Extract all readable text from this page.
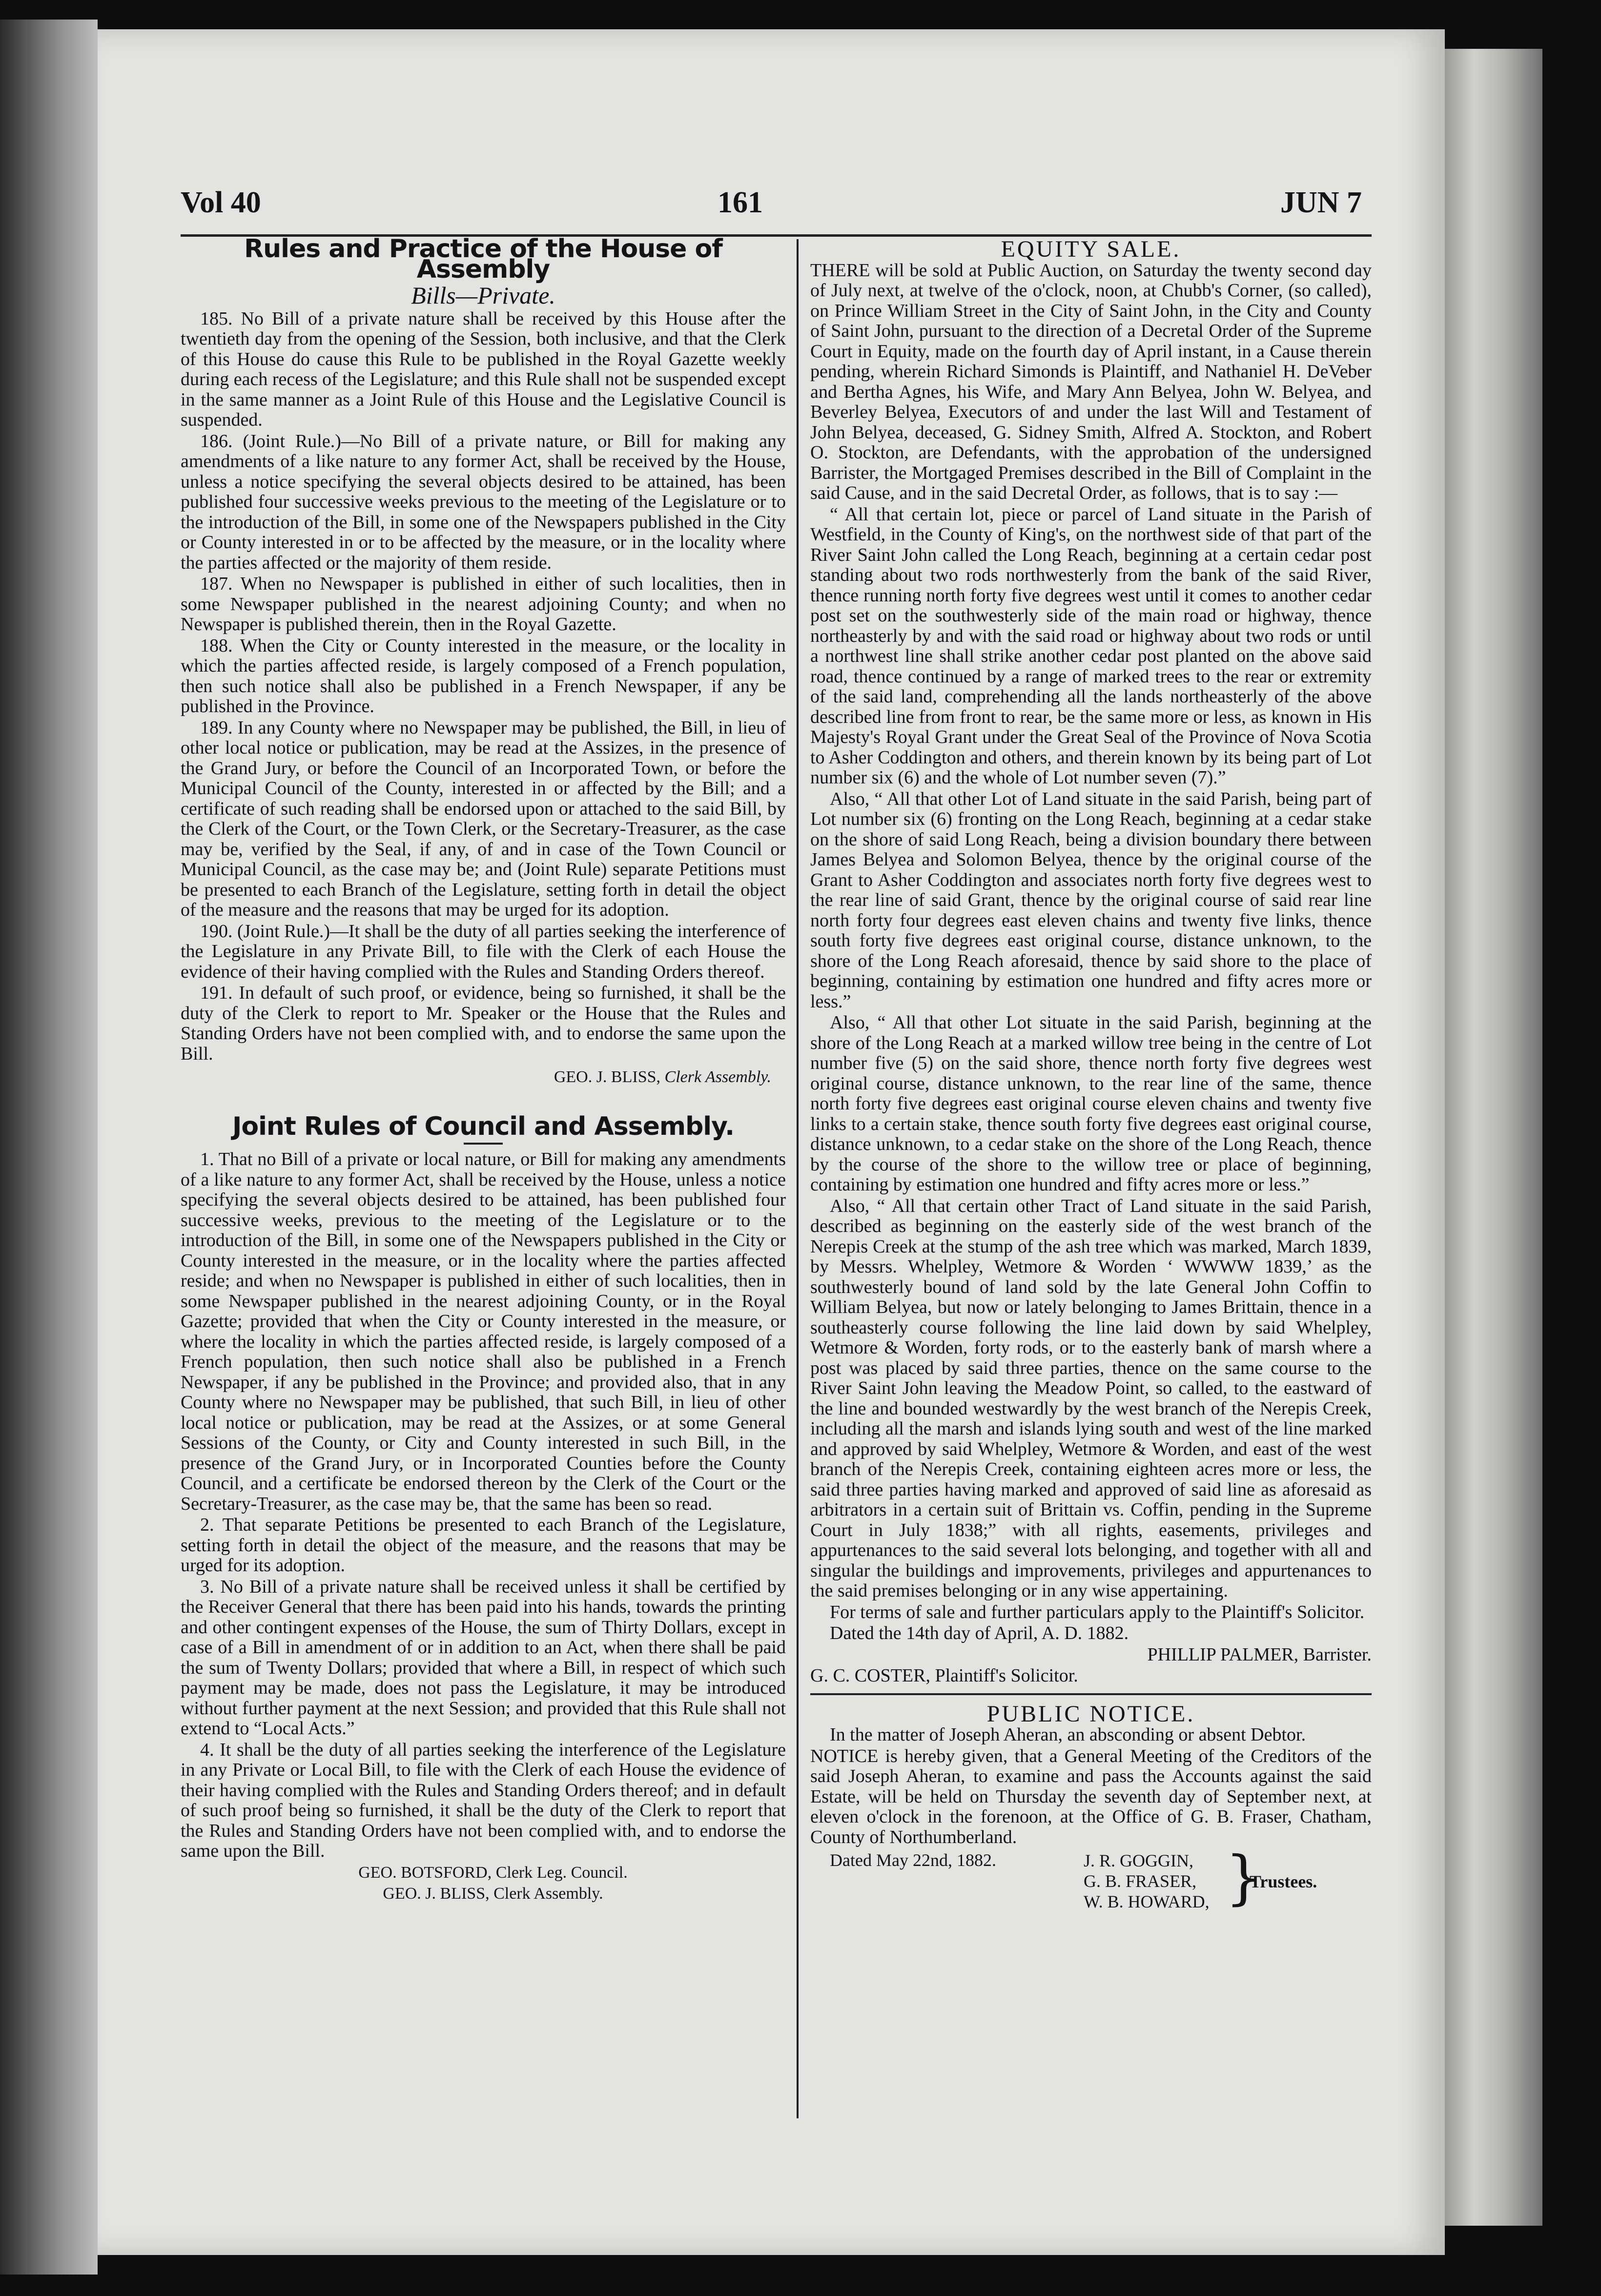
Vol 40	161	JUN 7
Rules and Practice of the House of Assembly
Bills—Private.

185. No Bill of a private nature shall be received by this House after the twentieth day from the opening of the Session, both inclusive, and that the Clerk of this House do cause this Rule to be published in the Royal Gazette weekly during each recess of the Legislature; and this Rule shall not be suspended except in the same manner as a Joint Rule of this House and the Legislative Council is suspended.

186. (Joint Rule.)—No Bill of a private nature, or Bill for making any amendments of a like nature to any former Act, shall be received by the House, unless a notice specifying the several objects desired to be attained, has been published four successive weeks previous to the meeting of the Legislature or to the introduction of the Bill, in some one of the Newspapers published in the City or County interested in or to be affected by the measure, or in the locality where the parties affected or the majority of them reside.

187. When no Newspaper is published in either of such localities, then in some Newspaper published in the nearest adjoining County; and when no Newspaper is published therein, then in the Royal Gazette.

188. When the City or County interested in the measure, or the locality in which the parties affected reside, is largely composed of a French population, then such notice shall also be published in a French Newspaper, if any be published in the Province.

189. In any County where no Newspaper may be published, the Bill, in lieu of other local notice or publication, may be read at the Assizes, in the presence of the Grand Jury, or before the Council of an Incorporated Town, or before the Municipal Council of the County, interested in or affected by the Bill; and a certificate of such reading shall be endorsed upon or attached to the said Bill, by the Clerk of the Court, or the Town Clerk, or the Secretary-Treasurer, as the case may be, verified by the Seal, if any, of and in case of the Town Council or Municipal Council, as the case may be; and (Joint Rule) separate Petitions must be presented to each Branch of the Legislature, setting forth in detail the object of the measure and the reasons that may be urged for its adoption.

190. (Joint Rule.)—It shall be the duty of all parties seeking the interference of the Legislature in any Private Bill, to file with the Clerk of each House the evidence of their having complied with the Rules and Standing Orders thereof.

191. In default of such proof, or evidence, being so furnished, it shall be the duty of the Clerk to report to Mr. Speaker or the House that the Rules and Standing Orders have not been complied with, and to endorse the same upon the Bill.

GEO. J. BLISS, Clerk Assembly.
Joint Rules of Council and Assembly.

1. That no Bill of a private or local nature, or Bill for making any amendments of a like nature to any former Act, shall be received by the House, unless a notice specifying the several objects desired to be attained, has been published four successive weeks, previous to the meeting of the Legislature or to the introduction of the Bill, in some one of the Newspapers published in the City or County interested in the measure, or in the locality where the parties affected reside; and when no Newspaper is published in either of such localities, then in some Newspaper published in the nearest adjoining County, or in the Royal Gazette; provided that when the City or County interested in the measure, or where the locality in which the parties affected reside, is largely composed of a French population, then such notice shall also be published in a French Newspaper, if any be published in the Province; and provided also, that in any County where no Newspaper may be published, that such Bill, in lieu of other local notice or publication, may be read at the Assizes, or at some General Sessions of the County, or City and County interested in such Bill, in the presence of the Grand Jury, or in Incorporated Counties before the County Council, and a certificate be endorsed thereon by the Clerk of the Court or the Secretary-Treasurer, as the case may be, that the same has been so read.

2. That separate Petitions be presented to each Branch of the Legislature, setting forth in detail the object of the measure, and the reasons that may be urged for its adoption.

3. No Bill of a private nature shall be received unless it shall be certified by the Receiver General that there has been paid into his hands, towards the printing and other contingent expenses of the House, the sum of Thirty Dollars, except in case of a Bill in amendment of or in addition to an Act, when there shall be paid the sum of Twenty Dollars; provided that where a Bill, in respect of which such payment may be made, does not pass the Legislature, it may be introduced without further payment at the next Session; and provided that this Rule shall not extend to “Local Acts.”

4. It shall be the duty of all parties seeking the interference of the Legislature in any Private or Local Bill, to file with the Clerk of each House the evidence of their having complied with the Rules and Standing Orders thereof; and in default of such proof being so furnished, it shall be the duty of the Clerk to report that the Rules and Standing Orders have not been complied with, and to endorse the same upon the Bill.

GEO. BOTSFORD, Clerk Leg. Council.

GEO. J. BLISS, Clerk Assembly.

EQUITY SALE.

THERE will be sold at Public Auction, on Saturday the twenty second day of July next, at twelve of the o'clock, noon, at Chubb's Corner, (so called), on Prince William Street in the City of Saint John, in the City and County of Saint John, pursuant to the direction of a Decretal Order of the Supreme Court in Equity, made on the fourth day of April instant, in a Cause therein pending, wherein Richard Simonds is Plaintiff, and Nathaniel H. DeVeber and Bertha Agnes, his Wife, and Mary Ann Belyea, John W. Belyea, and Beverley Belyea, Executors of and under the last Will and Testament of John Belyea, deceased, G. Sidney Smith, Alfred A. Stockton, and Robert O. Stockton, are Defendants, with the approbation of the undersigned Barrister, the Mortgaged Premises described in the Bill of Complaint in the said Cause, and in the said Decretal Order, as follows, that is to say :—

“ All that certain lot, piece or parcel of Land situate in the Parish of Westfield, in the County of King's, on the northwest side of that part of the River Saint John called the Long Reach, beginning at a certain cedar post standing about two rods northwesterly from the bank of the said River, thence running north forty five degrees west until it comes to another cedar post set on the southwesterly side of the main road or highway, thence northeasterly by and with the said road or highway about two rods or until a northwest line shall strike another cedar post planted on the above said road, thence continued by a range of marked trees to the rear or extremity of the said land, comprehending all the lands northeasterly of the above described line from front to rear, be the same more or less, as known in His Majesty's Royal Grant under the Great Seal of the Province of Nova Scotia to Asher Coddington and others, and therein known by its being part of Lot number six (6) and the whole of Lot number seven (7).”

Also, “ All that other Lot of Land situate in the said Parish, being part of Lot number six (6) fronting on the Long Reach, beginning at a cedar stake on the shore of said Long Reach, being a division boundary there between James Belyea and Solomon Belyea, thence by the original course of the Grant to Asher Coddington and associates north forty five degrees west to the rear line of said Grant, thence by the original course of said rear line north forty four degrees east eleven chains and twenty five links, thence south forty five degrees east original course, distance unknown, to the shore of the Long Reach aforesaid, thence by said shore to the place of beginning, containing by estimation one hundred and fifty acres more or less.”

Also, “ All that other Lot situate in the said Parish, beginning at the shore of the Long Reach at a marked willow tree being in the centre of Lot number five (5) on the said shore, thence north forty five degrees west original course, distance unknown, to the rear line of the same, thence north forty five degrees east original course eleven chains and twenty five links to a certain stake, thence south forty five degrees east original course, distance unknown, to a cedar stake on the shore of the Long Reach, thence by the course of the shore to the willow tree or place of beginning, containing by estimation one hundred and fifty acres more or less.”

Also, “ All that certain other Tract of Land situate in the said Parish, described as beginning on the easterly side of the west branch of the Nerepis Creek at the stump of the ash tree which was marked, March 1839, by Messrs. Whelpley, Wetmore & Worden ‘ WWWW 1839,’ as the southwesterly bound of land sold by the late General John Coffin to William Belyea, but now or lately belonging to James Brittain, thence in a southeasterly course following the line laid down by said Whelpley, Wetmore & Worden, forty rods, or to the easterly bank of marsh where a post was placed by said three parties, thence on the same course to the River Saint John leaving the Meadow Point, so called, to the eastward of the line and bounded westwardly by the west branch of the Nerepis Creek, including all the marsh and islands lying south and west of the line marked and approved by said Whelpley, Wetmore & Worden, and east of the west branch of the Nerepis Creek, containing eighteen acres more or less, the said three parties having marked and approved of said line as aforesaid as arbitrators in a certain suit of Brittain vs. Coffin, pending in the Supreme Court in July 1838;” with all rights, easements, privileges and appurtenances to the said several lots belonging, and together with all and singular the buildings and improvements, privileges and appurtenances to the said premises belonging or in any wise appertaining.

For terms of sale and further particulars apply to the Plaintiff's Solicitor.

Dated the 14th day of April, A. D. 1882.

PHILLIP PALMER, Barrister.

G. C. COSTER, Plaintiff's Solicitor.

PUBLIC NOTICE.

In the matter of Joseph Aheran, an absconding or absent Debtor.

NOTICE is hereby given, that a General Meeting of the Creditors of the said Joseph Aheran, to examine and pass the Accounts against the said Estate, will be held on Thursday the seventh day of September next, at eleven o'clock in the forenoon, at the Office of G. B. Fraser, Chatham, County of Northumberland.

Dated May 22nd, 1882.	J. R. GOGGIN,
G. B. FRASER,
W. B. HOWARD, }
Trustees.
